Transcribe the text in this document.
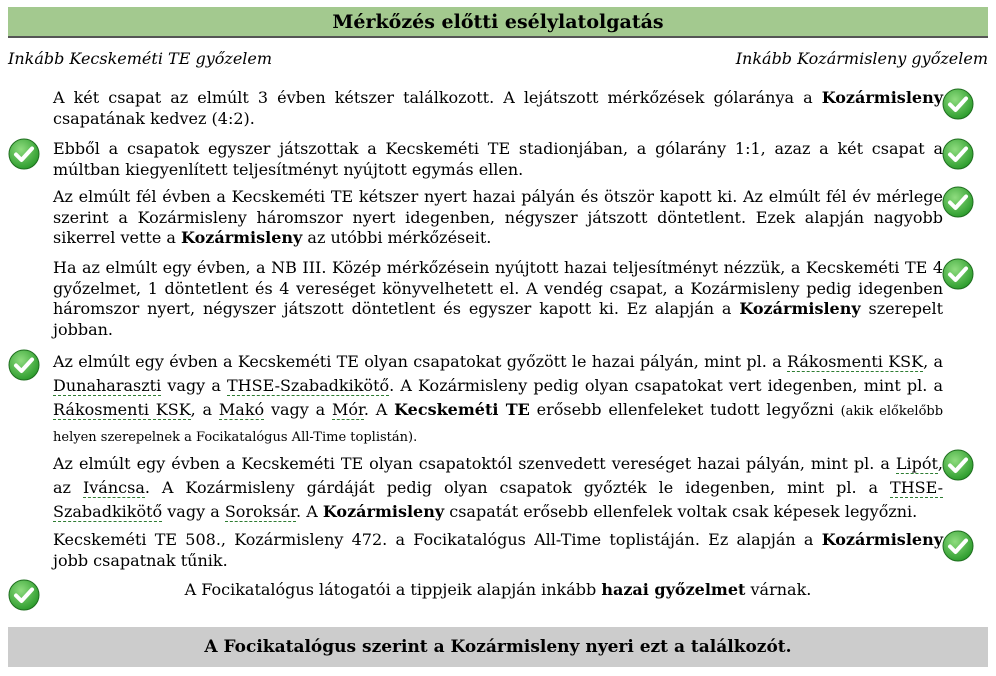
Mérkőzés előtti esélylatolgatás
Inkább Kecskeméti TE győzelem	Inkább Kozármisleny győzelem
A két csapat az elmúlt 3 évben kétszer találkozott. A lejátszott mérkőzések gólaránya a Kozármisleny csapatának kedvez (4:2).
Ebből a csapatok egyszer játszottak a Kecskeméti TE stadionjában, a gólarány 1:1, azaz a két csapat a múltban kiegyenlített teljesítményt nyújtott egymás ellen.
Az elmúlt fél évben a Kecskeméti TE kétszer nyert hazai pályán és ötször kapott ki. Az elmúlt fél év mérlege szerint a Kozármisleny háromszor nyert idegenben, négyszer játszott döntetlent. Ezek alapján nagyobb sikerrel vette a Kozármisleny az utóbbi mérkőzéseit.
Ha az elmúlt egy évben, a NB III. Közép mérkőzésein nyújtott hazai teljesítményt nézzük, a Kecskeméti TE 4 győzelmet, 1 döntetlent és 4 vereséget könyvelhetett el. A vendég csapat, a Kozármisleny pedig idegenben háromszor nyert, négyszer játszott döntetlent és egyszer kapott ki. Ez alapján a Kozármisleny szerepelt jobban.
Az elmúlt egy évben a Kecskeméti TE olyan csapatokat győzött le hazai pályán, mint pl. a Rákosmenti KSK, a Dunaharaszti vagy a THSE-Szabadkikötő. A Kozármisleny pedig olyan csapatokat vert idegenben, mint pl. a Rákosmenti KSK, a Makó vagy a Mór. A Kecskeméti TE erősebb ellenfeleket tudott legyőzni (akik előkelőbb helyen szerepelnek a Focikatalógus All-Time toplistán).
Az elmúlt egy évben a Kecskeméti TE olyan csapatoktól szenvedett vereséget hazai pályán, mint pl. a Lipót, az Iváncsa. A Kozármisleny gárdáját pedig olyan csapatok győzték le idegenben, mint pl. a THSE-Szabadkikötő vagy a Soroksár. A Kozármisleny csapatát erősebb ellenfelek voltak csak képesek legyőzni.
Kecskeméti TE 508., Kozármisleny 472. a Focikatalógus All-Time toplistáján. Ez alapján a Kozármisleny jobb csapatnak tűnik.
A Focikatalógus látogatói a tippjeik alapján inkább hazai győzelmet várnak.
A Focikatalógus szerint a Kozármisleny nyeri ezt a találkozót.
